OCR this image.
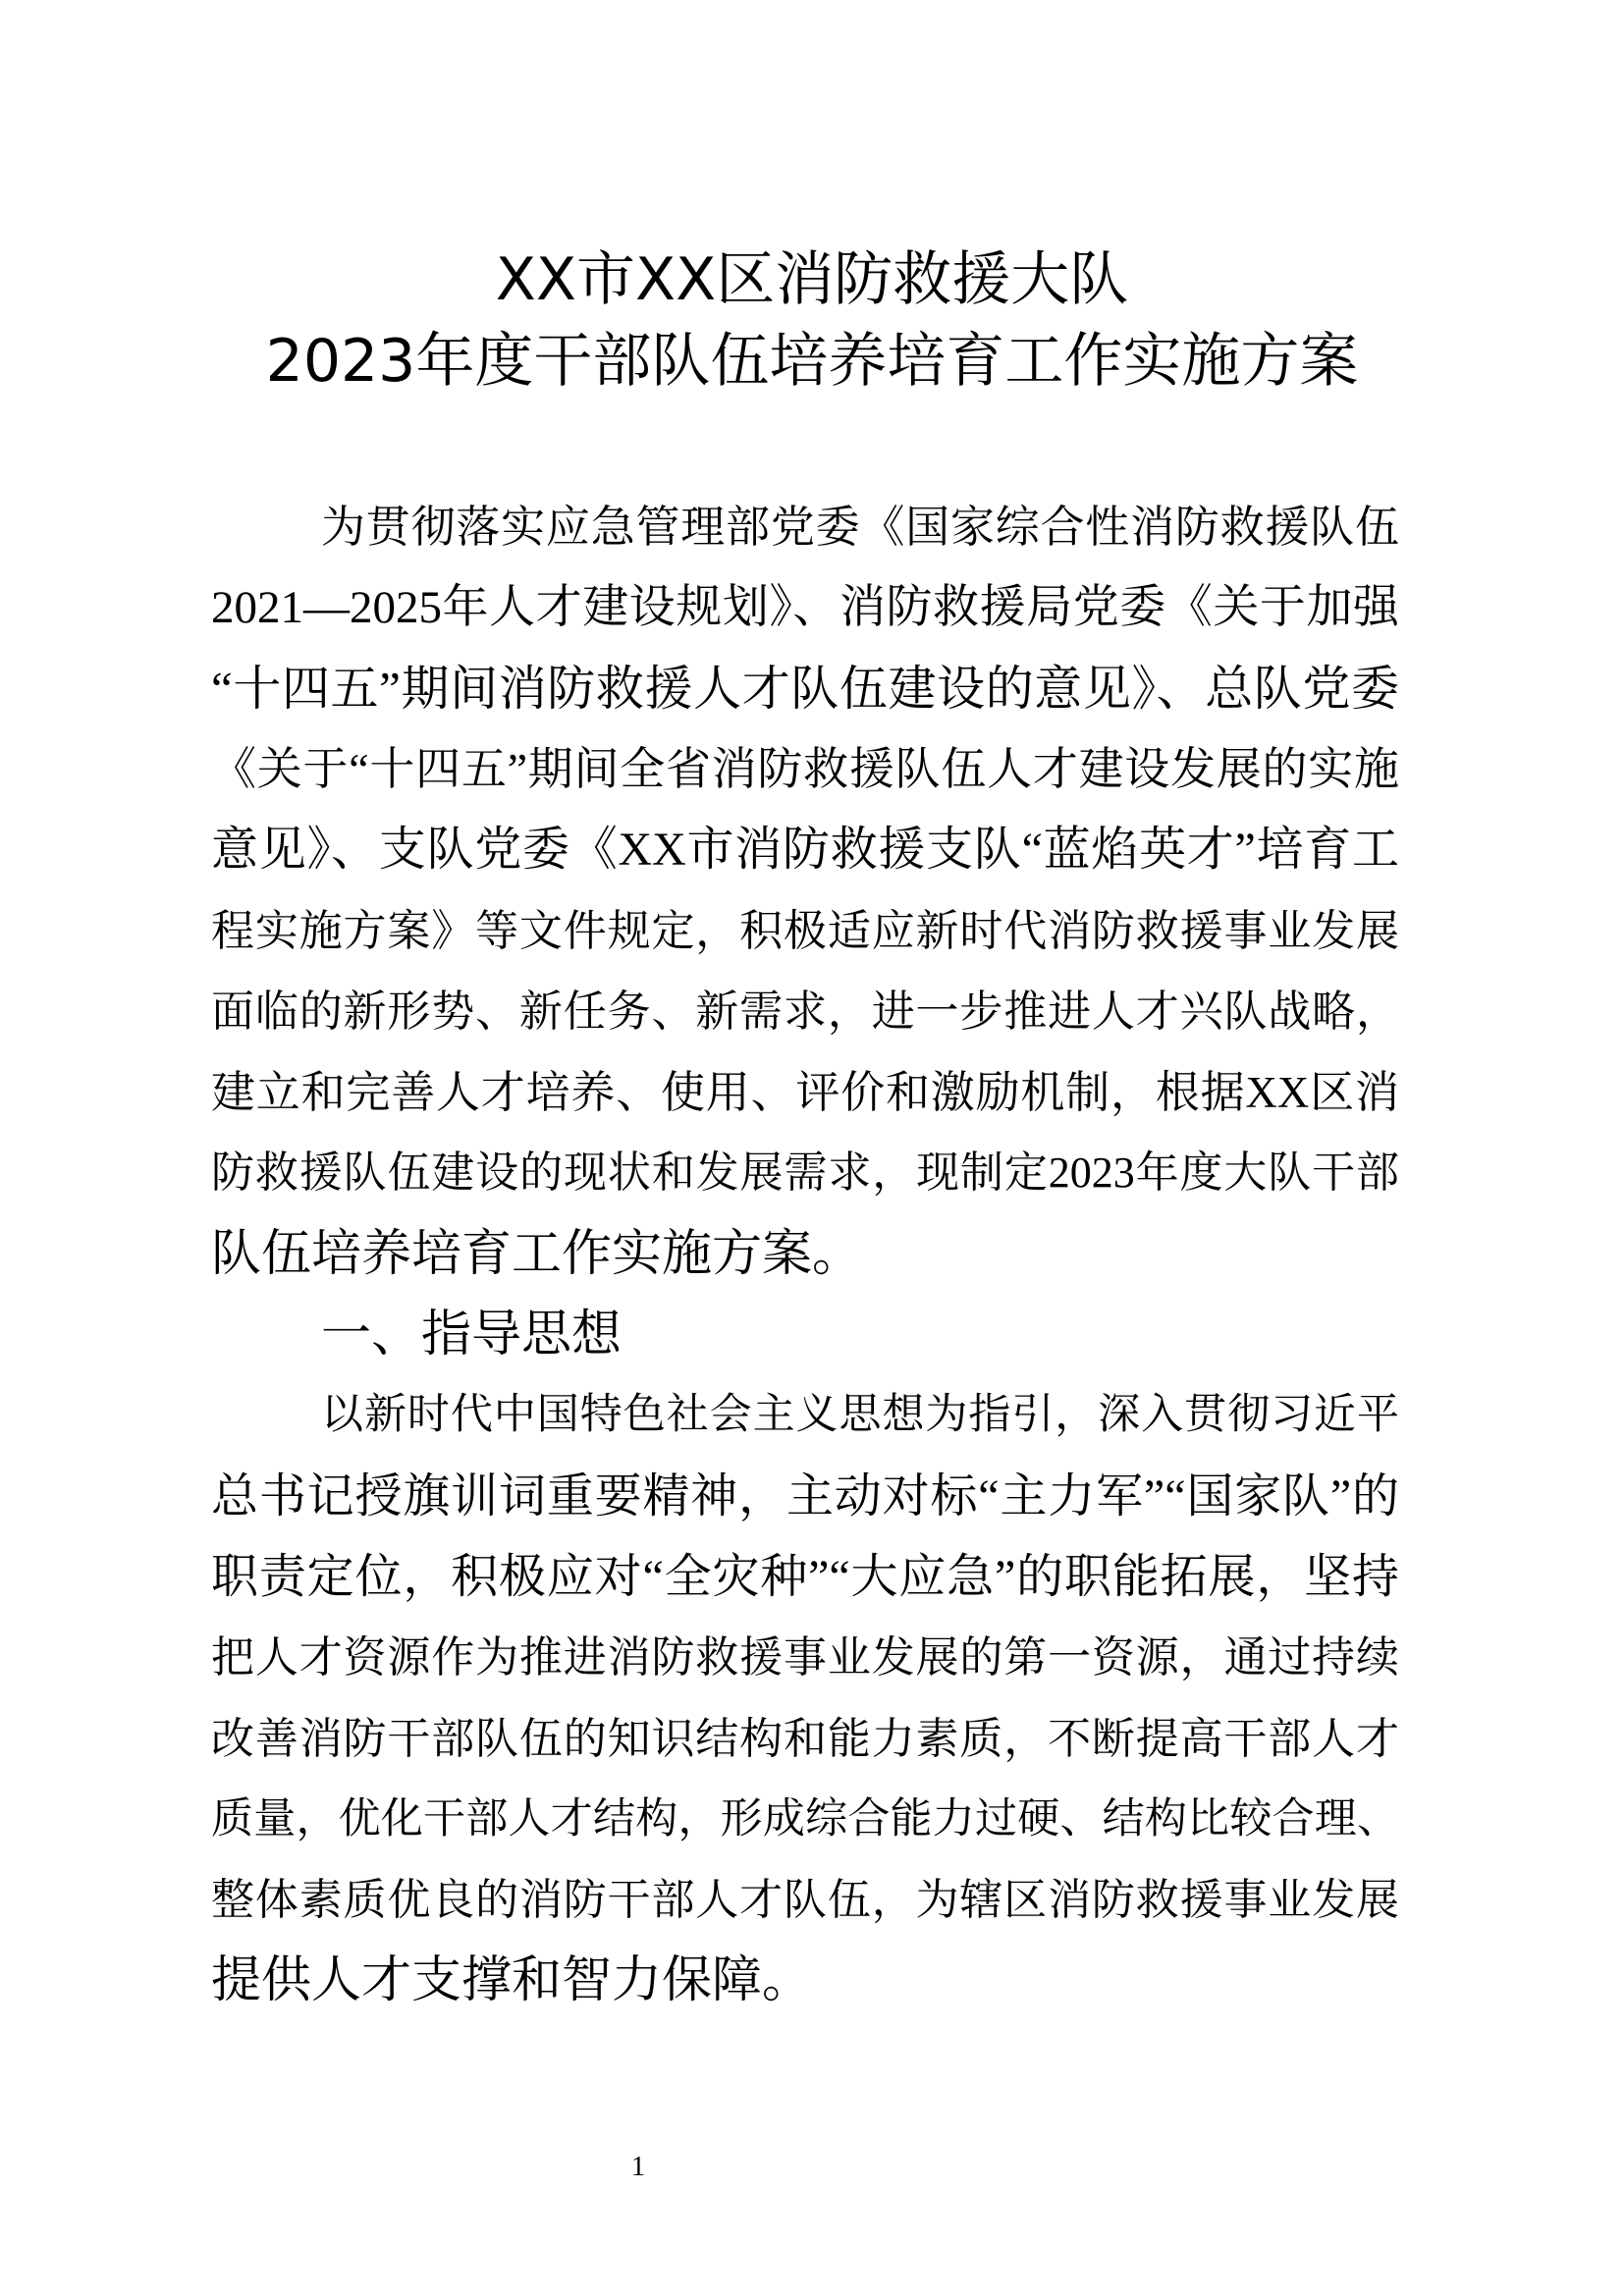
XX市XX区消防救援大队
2023年度干部队伍培养培育工作实施方案
为贯彻落实应急管理部党委《国家综合性消防救援队伍
2021—2025年人才建设规划》、消防救援局党委《关于加强
“十四五”期间消防救援人才队伍建设的意见》、总队党委
《关于“十四五”期间全省消防救援队伍人才建设发展的实施
意见》、支队党委《XX市消防救援支队“蓝焰英才”培育工
程实施方案》等文件规定，积极适应新时代消防救援事业发展
面临的新形势、新任务、新需求，进一步推进人才兴队战略，
建立和完善人才培养、使用、评价和激励机制，根据XX区消
防救援队伍建设的现状和发展需求，现制定2023年度大队干部
队伍培养培育工作实施方案。
一、指导思想
以新时代中国特色社会主义思想为指引，深入贯彻习近平
总书记授旗训词重要精神，主动对标“主力军”“国家队”的
职责定位，积极应对“全灾种”“大应急”的职能拓展，坚持
把人才资源作为推进消防救援事业发展的第一资源，通过持续
改善消防干部队伍的知识结构和能力素质，不断提高干部人才
质量，优化干部人才结构，形成综合能力过硬、结构比较合理、
整体素质优良的消防干部人才队伍，为辖区消防救援事业发展
提供人才支撑和智力保障。
1
